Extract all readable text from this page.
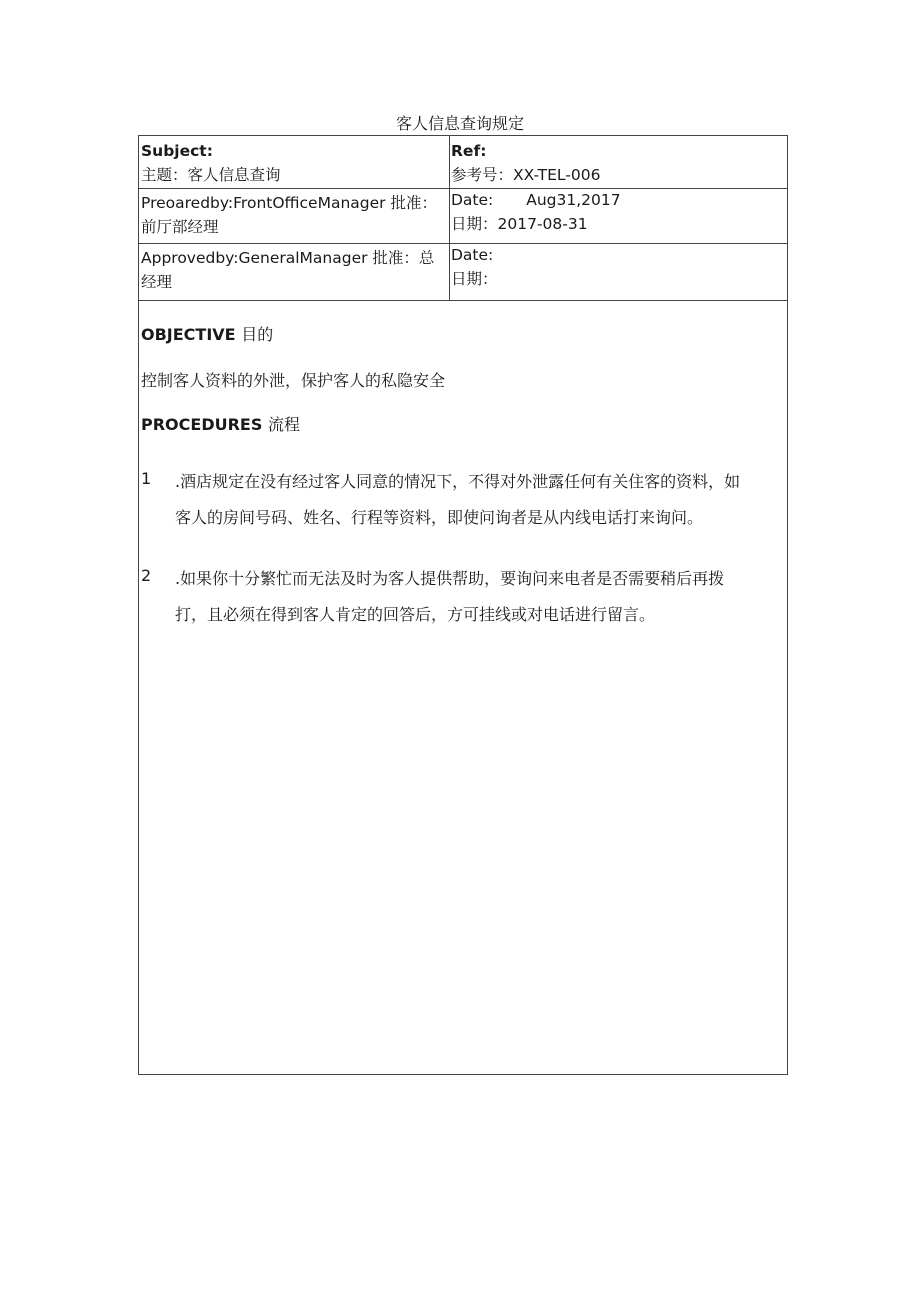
客人信息查询规定
Subject:
主题：客人信息查询
Ref:
参考号：XX-TEL-006
Preoaredby:FrontOfficeManager 批准：
前厅部经理
Date: Aug31,2017
日期：2017-08-31
Approvedby:GeneralManager 批准：总
经理
Date:
日期：
OBJECTIVE 目的
控制客人资料的外泄，保护客人的私隐安全
PROCEDURES 流程
1 .酒店规定在没有经过客人同意的情况下，不得对外泄露任何有关住客的资料，如
客人的房间号码、姓名、行程等资料，即使问询者是从内线电话打来询问。
2 .如果你十分繁忙而无法及时为客人提供帮助，要询问来电者是否需要稍后再拨
打，且必须在得到客人肯定的回答后，方可挂线或对电话进行留言。
